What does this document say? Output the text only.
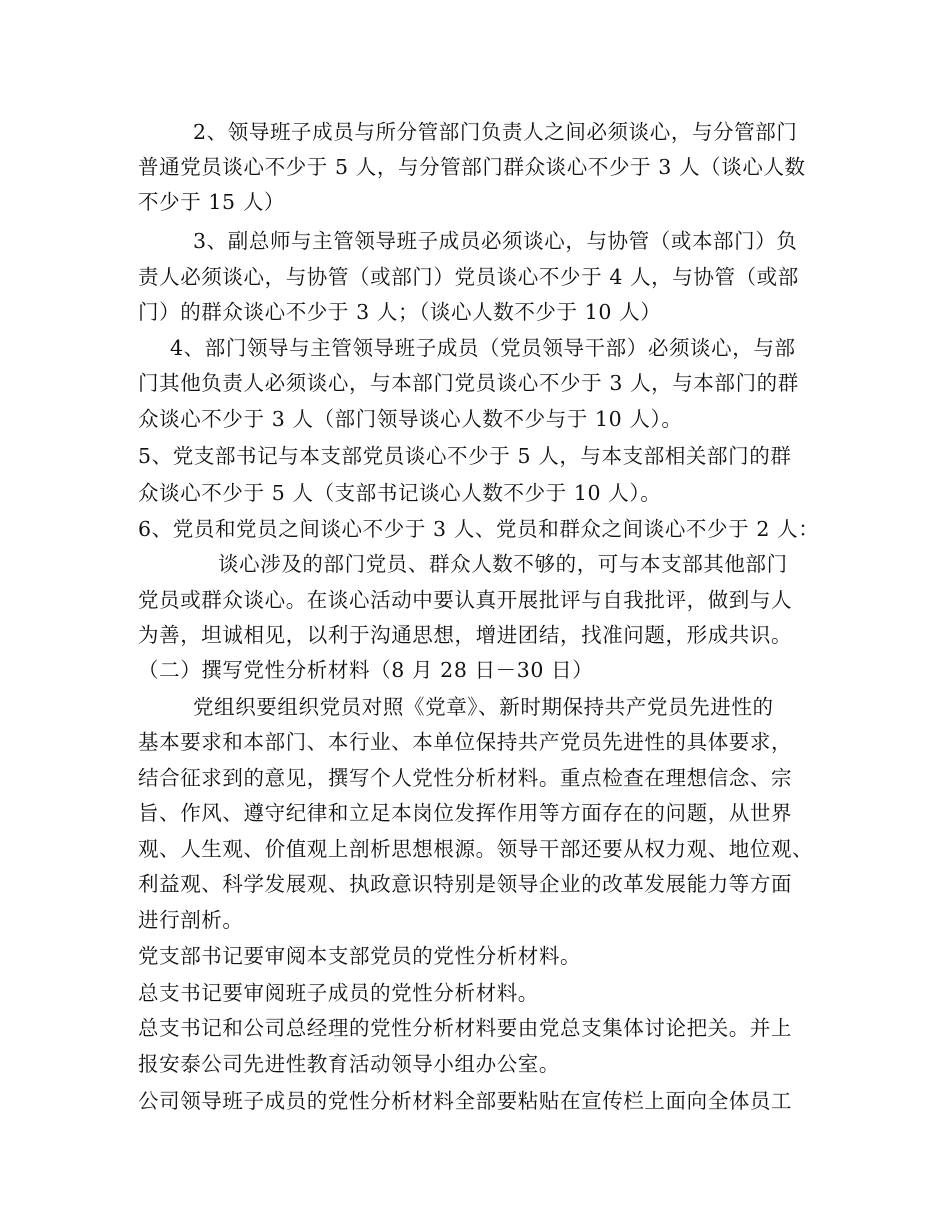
2、领导班子成员与所分管部门负责人之间必须谈心，与分管部门
普通党员谈心不少于 5 人，与分管部门群众谈心不少于 3 人（谈心人数
不少于 15 人）
3、副总师与主管领导班子成员必须谈心，与协管（或本部门）负
责人必须谈心，与协管（或部门）党员谈心不少于 4 人，与协管（或部
门）的群众谈心不少于 3 人；（谈心人数不少于 10 人）
4、部门领导与主管领导班子成员（党员领导干部）必须谈心，与部
门其他负责人必须谈心，与本部门党员谈心不少于 3 人，与本部门的群
众谈心不少于 3 人（部门领导谈心人数不少与于 10 人）。
5、党支部书记与本支部党员谈心不少于 5 人，与本支部相关部门的群
众谈心不少于 5 人（支部书记谈心人数不少于 10 人）。
6、党员和党员之间谈心不少于 3 人、党员和群众之间谈心不少于 2 人：
谈心涉及的部门党员、群众人数不够的，可与本支部其他部门
党员或群众谈心。在谈心活动中要认真开展批评与自我批评，做到与人
为善，坦诚相见，以利于沟通思想，增进团结，找准问题，形成共识。
（二）撰写党性分析材料（8 月 28 日－30 日）
党组织要组织党员对照《党章》、新时期保持共产党员先进性的
基本要求和本部门、本行业、本单位保持共产党员先进性的具体要求，
结合征求到的意见，撰写个人党性分析材料。重点检查在理想信念、宗
旨、作风、遵守纪律和立足本岗位发挥作用等方面存在的问题，从世界
观、人生观、价值观上剖析思想根源。领导干部还要从权力观、地位观、
利益观、科学发展观、执政意识特别是领导企业的改革发展能力等方面
进行剖析。
党支部书记要审阅本支部党员的党性分析材料。
总支书记要审阅班子成员的党性分析材料。
总支书记和公司总经理的党性分析材料要由党总支集体讨论把关。并上
报安泰公司先进性教育活动领导小组办公室。
公司领导班子成员的党性分析材料全部要粘贴在宣传栏上面向全体员工
